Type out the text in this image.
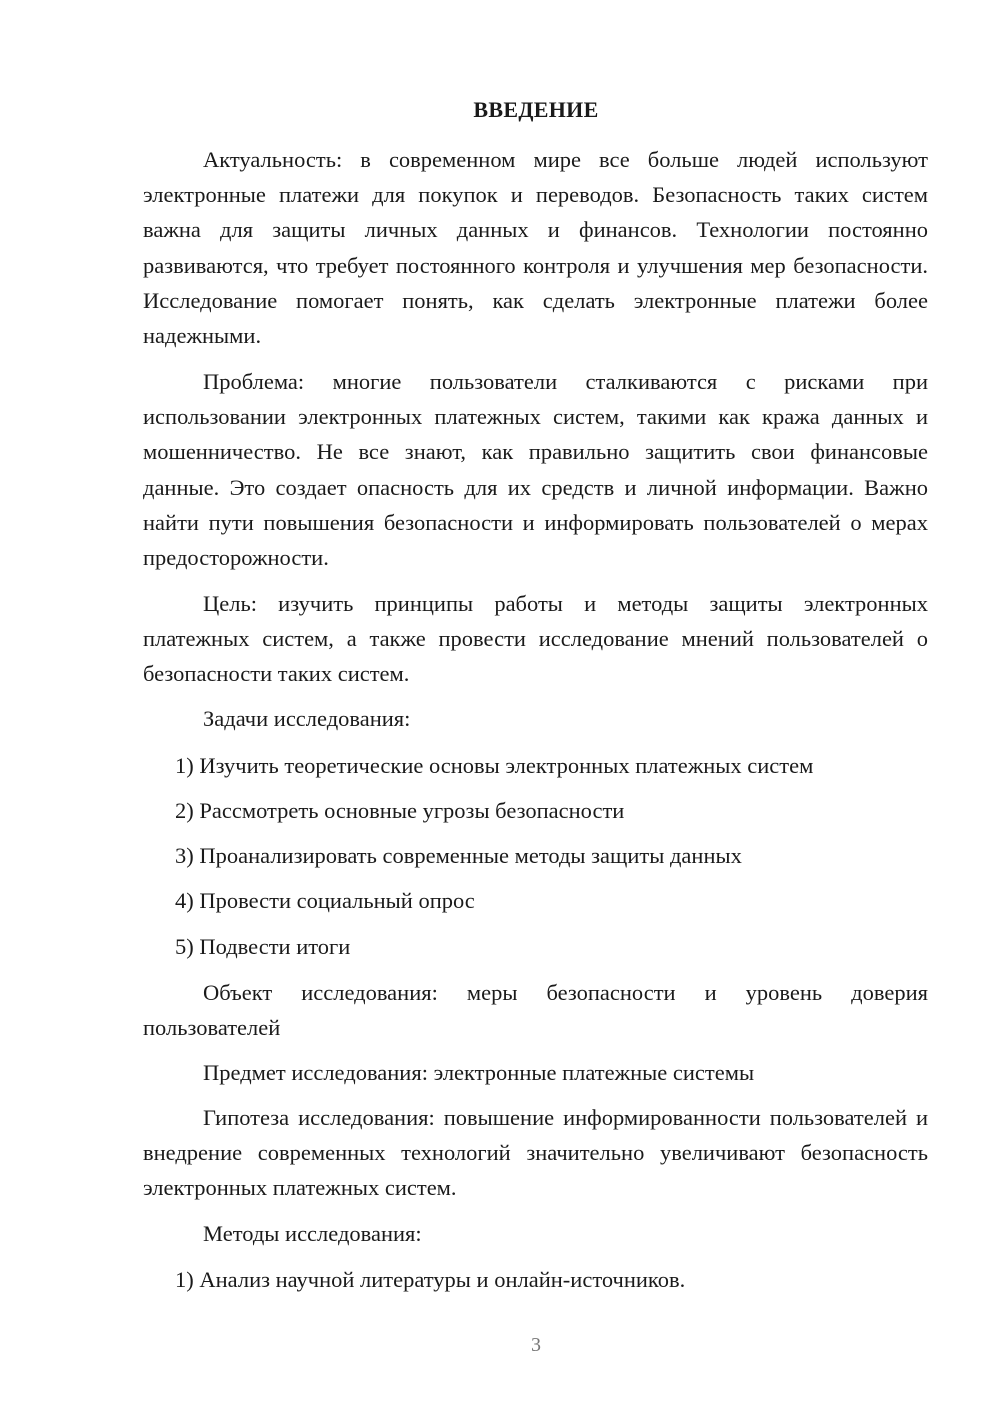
ВВЕДЕНИЕ

Актуальность: в современном мире все больше людей используют электронные платежи для покупок и переводов. Безопасность таких систем важна для защиты личных данных и финансов. Технологии постоянно развиваются, что требует постоянного контроля и улучшения мер безопасности. Исследование помогает понять, как сделать электронные платежи более надежными.

Проблема: многие пользователи сталкиваются с рисками при использовании электронных платежных систем, такими как кража данных и мошенничество. Не все знают, как правильно защитить свои финансовые данные. Это создает опасность для их средств и личной информации. Важно найти пути повышения безопасности и информировать пользователей о мерах предосторожности.

Цель: изучить принципы работы и методы защиты электронных платежных систем, а также провести исследование мнений пользователей о безопасности таких систем.

Задачи исследования:

1) Изучить теоретические основы электронных платежных систем

2) Рассмотреть основные угрозы безопасности

3) Проанализировать современные методы защиты данных

4) Провести социальный опрос

5) Подвести итоги

Объект исследования: меры безопасности и уровень доверия пользователей

Предмет исследования: электронные платежные системы

Гипотеза исследования: повышение информированности пользователей и внедрение современных технологий значительно увеличивают безопасность электронных платежных систем.

Методы исследования:

1) Анализ научной литературы и онлайн-источников.

3
